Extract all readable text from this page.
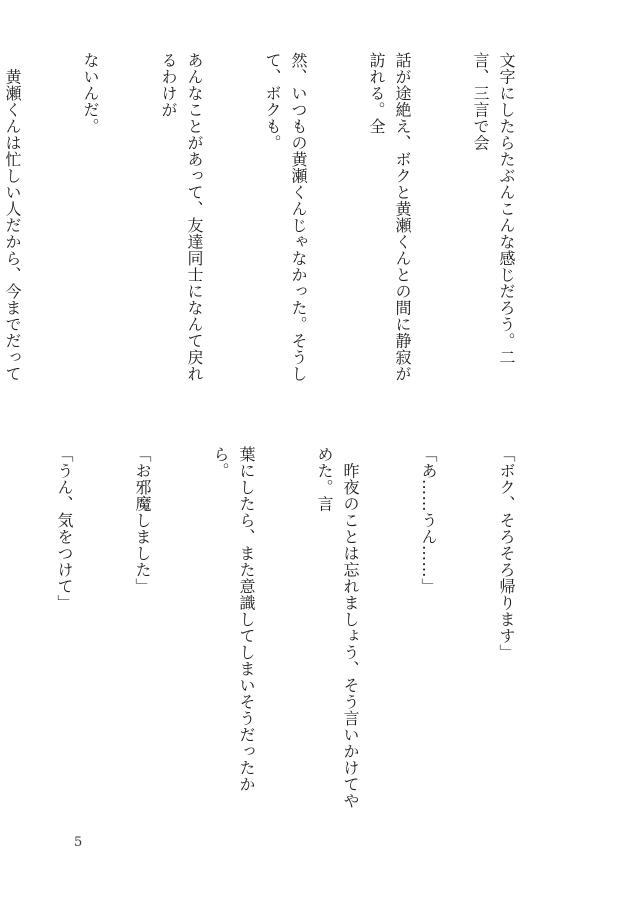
文字にしたらたぶんこんな感じだろう。二言、三言で会

話が途絶え、ボクと黄瀬くんとの間に静寂が訪れる。全

然、いつもの黄瀬くんじゃなかった。そうして、ボクも。

あんなことがあって、友達同士になんて戻れるわけが

ないんだ。

　黄瀬くんは忙しい人だから、今までだって

「ボク、そろそろ帰ります」

「あ……うん……」

　昨夜のことは忘れましょう、そう言いかけてやめた。言

葉にしたら、また意識してしまいそうだったから。

「お邪魔しました」

「うん、気をつけて」

5
